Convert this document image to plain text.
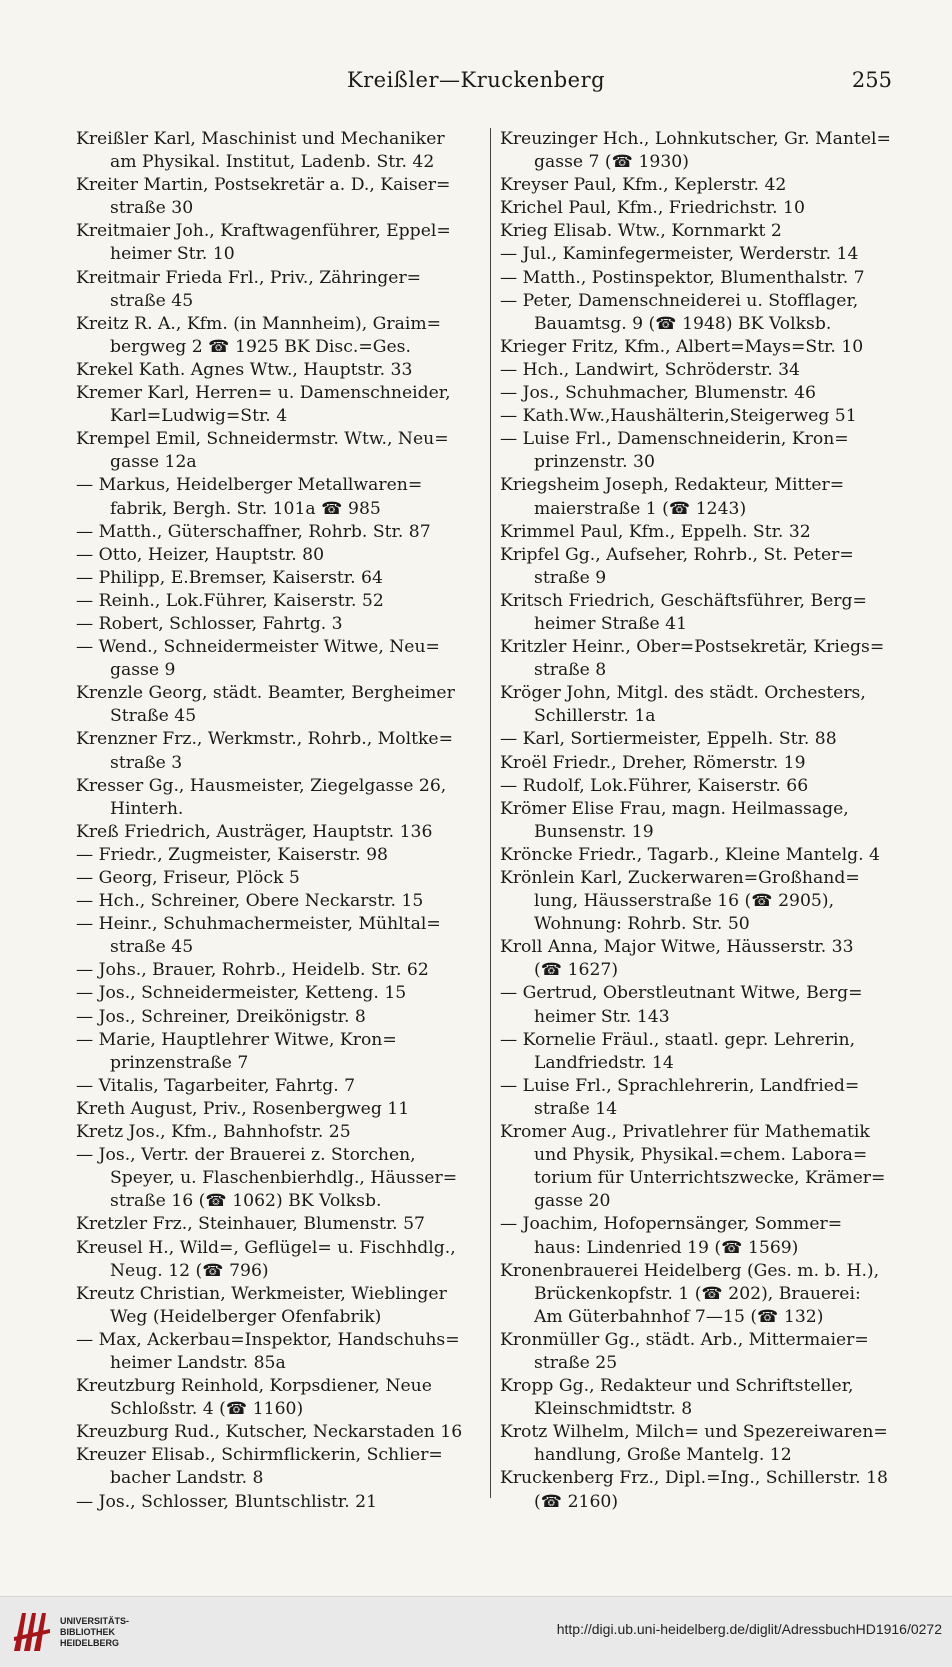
Kreißler—Kruckenberg	255
Kreißler Karl, Maschinist und Mechaniker
am Physikal. Institut, Ladenb. Str. 42
Kreiter Martin, Postsekretär a. D., Kaiser=
straße 30
Kreitmaier Joh., Kraftwagenführer, Eppel=
heimer Str. 10
Kreitmair Frieda Frl., Priv., Zähringer=
straße 45
Kreitz R. A., Kfm. (in Mannheim), Graim=
bergweg 2 ☎ 1925 BK Disc.=Ges.
Krekel Kath. Agnes Wtw., Hauptstr. 33
Kremer Karl, Herren= u. Damenschneider,
Karl=Ludwig=Str. 4
Krempel Emil, Schneidermstr. Wtw., Neu=
gasse 12a
— Markus, Heidelberger Metallwaren=
fabrik, Bergh. Str. 101a ☎ 985
— Matth., Güterschaffner, Rohrb. Str. 87
— Otto, Heizer, Hauptstr. 80
— Philipp, E.Bremser, Kaiserstr. 64
— Reinh., Lok.Führer, Kaiserstr. 52
— Robert, Schlosser, Fahrtg. 3
— Wend., Schneidermeister Witwe, Neu=
gasse 9
Krenzle Georg, städt. Beamter, Bergheimer
Straße 45
Krenzner Frz., Werkmstr., Rohrb., Moltke=
straße 3
Kresser Gg., Hausmeister, Ziegelgasse 26,
Hinterh.
Kreß Friedrich, Austräger, Hauptstr. 136
— Friedr., Zugmeister, Kaiserstr. 98
— Georg, Friseur, Plöck 5
— Hch., Schreiner, Obere Neckarstr. 15
— Heinr., Schuhmachermeister, Mühltal=
straße 45
— Johs., Brauer, Rohrb., Heidelb. Str. 62
— Jos., Schneidermeister, Ketteng. 15
— Jos., Schreiner, Dreikönigstr. 8
— Marie, Hauptlehrer Witwe, Kron=
prinzenstraße 7
— Vitalis, Tagarbeiter, Fahrtg. 7
Kreth August, Priv., Rosenbergweg 11
Kretz Jos., Kfm., Bahnhofstr. 25
— Jos., Vertr. der Brauerei z. Storchen,
Speyer, u. Flaschenbierhdlg., Häusser=
straße 16 (☎ 1062) BK Volksb.
Kretzler Frz., Steinhauer, Blumenstr. 57
Kreusel H., Wild=, Geflügel= u. Fischhdlg.,
Neug. 12 (☎ 796)
Kreutz Christian, Werkmeister, Wieblinger
Weg (Heidelberger Ofenfabrik)
— Max, Ackerbau=Inspektor, Handschuhs=
heimer Landstr. 85a
Kreutzburg Reinhold, Korpsdiener, Neue
Schloßstr. 4 (☎ 1160)
Kreuzburg Rud., Kutscher, Neckarstaden 16
Kreuzer Elisab., Schirmflickerin, Schlier=
bacher Landstr. 8
— Jos., Schlosser, Bluntschlistr. 21
Kreuzinger Hch., Lohnkutscher, Gr. Mantel=
gasse 7 (☎ 1930)
Kreyser Paul, Kfm., Keplerstr. 42
Krichel Paul, Kfm., Friedrichstr. 10
Krieg Elisab. Wtw., Kornmarkt 2
— Jul., Kaminfegermeister, Werderstr. 14
— Matth., Postinspektor, Blumenthalstr. 7
— Peter, Damenschneiderei u. Stofflager,
Bauamtsg. 9 (☎ 1948) BK Volksb.
Krieger Fritz, Kfm., Albert=Mays=Str. 10
— Hch., Landwirt, Schröderstr. 34
— Jos., Schuhmacher, Blumenstr. 46
— Kath.Ww.,Haushälterin,Steigerweg 51
— Luise Frl., Damenschneiderin, Kron=
prinzenstr. 30
Kriegsheim Joseph, Redakteur, Mitter=
maierstraße 1 (☎ 1243)
Krimmel Paul, Kfm., Eppelh. Str. 32
Kripfel Gg., Aufseher, Rohrb., St. Peter=
straße 9
Kritsch Friedrich, Geschäftsführer, Berg=
heimer Straße 41
Kritzler Heinr., Ober=Postsekretär, Kriegs=
straße 8
Kröger John, Mitgl. des städt. Orchesters,
Schillerstr. 1a
— Karl, Sortiermeister, Eppelh. Str. 88
Kroël Friedr., Dreher, Römerstr. 19
— Rudolf, Lok.Führer, Kaiserstr. 66
Krömer Elise Frau, magn. Heilmassage,
Bunsenstr. 19
Kröncke Friedr., Tagarb., Kleine Mantelg. 4
Krönlein Karl, Zuckerwaren=Großhand=
lung, Häusserstraße 16 (☎ 2905),
Wohnung: Rohrb. Str. 50
Kroll Anna, Major Witwe, Häusserstr. 33
(☎ 1627)
— Gertrud, Oberstleutnant Witwe, Berg=
heimer Str. 143
— Kornelie Fräul., staatl. gepr. Lehrerin,
Landfriedstr. 14
— Luise Frl., Sprachlehrerin, Landfried=
straße 14
Kromer Aug., Privatlehrer für Mathematik
und Physik, Physikal.=chem. Labora=
torium für Unterrichtszwecke, Krämer=
gasse 20
— Joachim, Hofopernsänger, Sommer=
haus: Lindenried 19 (☎ 1569)
Kronenbrauerei Heidelberg (Ges. m. b. H.),
Brückenkopfstr. 1 (☎ 202), Brauerei:
Am Güterbahnhof 7—15 (☎ 132)
Kronmüller Gg., städt. Arb., Mittermaier=
straße 25
Kropp Gg., Redakteur und Schriftsteller,
Kleinschmidtstr. 8
Krotz Wilhelm, Milch= und Spezereiwaren=
handlung, Große Mantelg. 12
Kruckenberg Frz., Dipl.=Ing., Schillerstr. 18
(☎ 2160)
UNIVERSITÄTS-
BIBLIOTHEK
HEIDELBERG
http://digi.ub.uni-heidelberg.de/diglit/AdressbuchHD1916/0272
